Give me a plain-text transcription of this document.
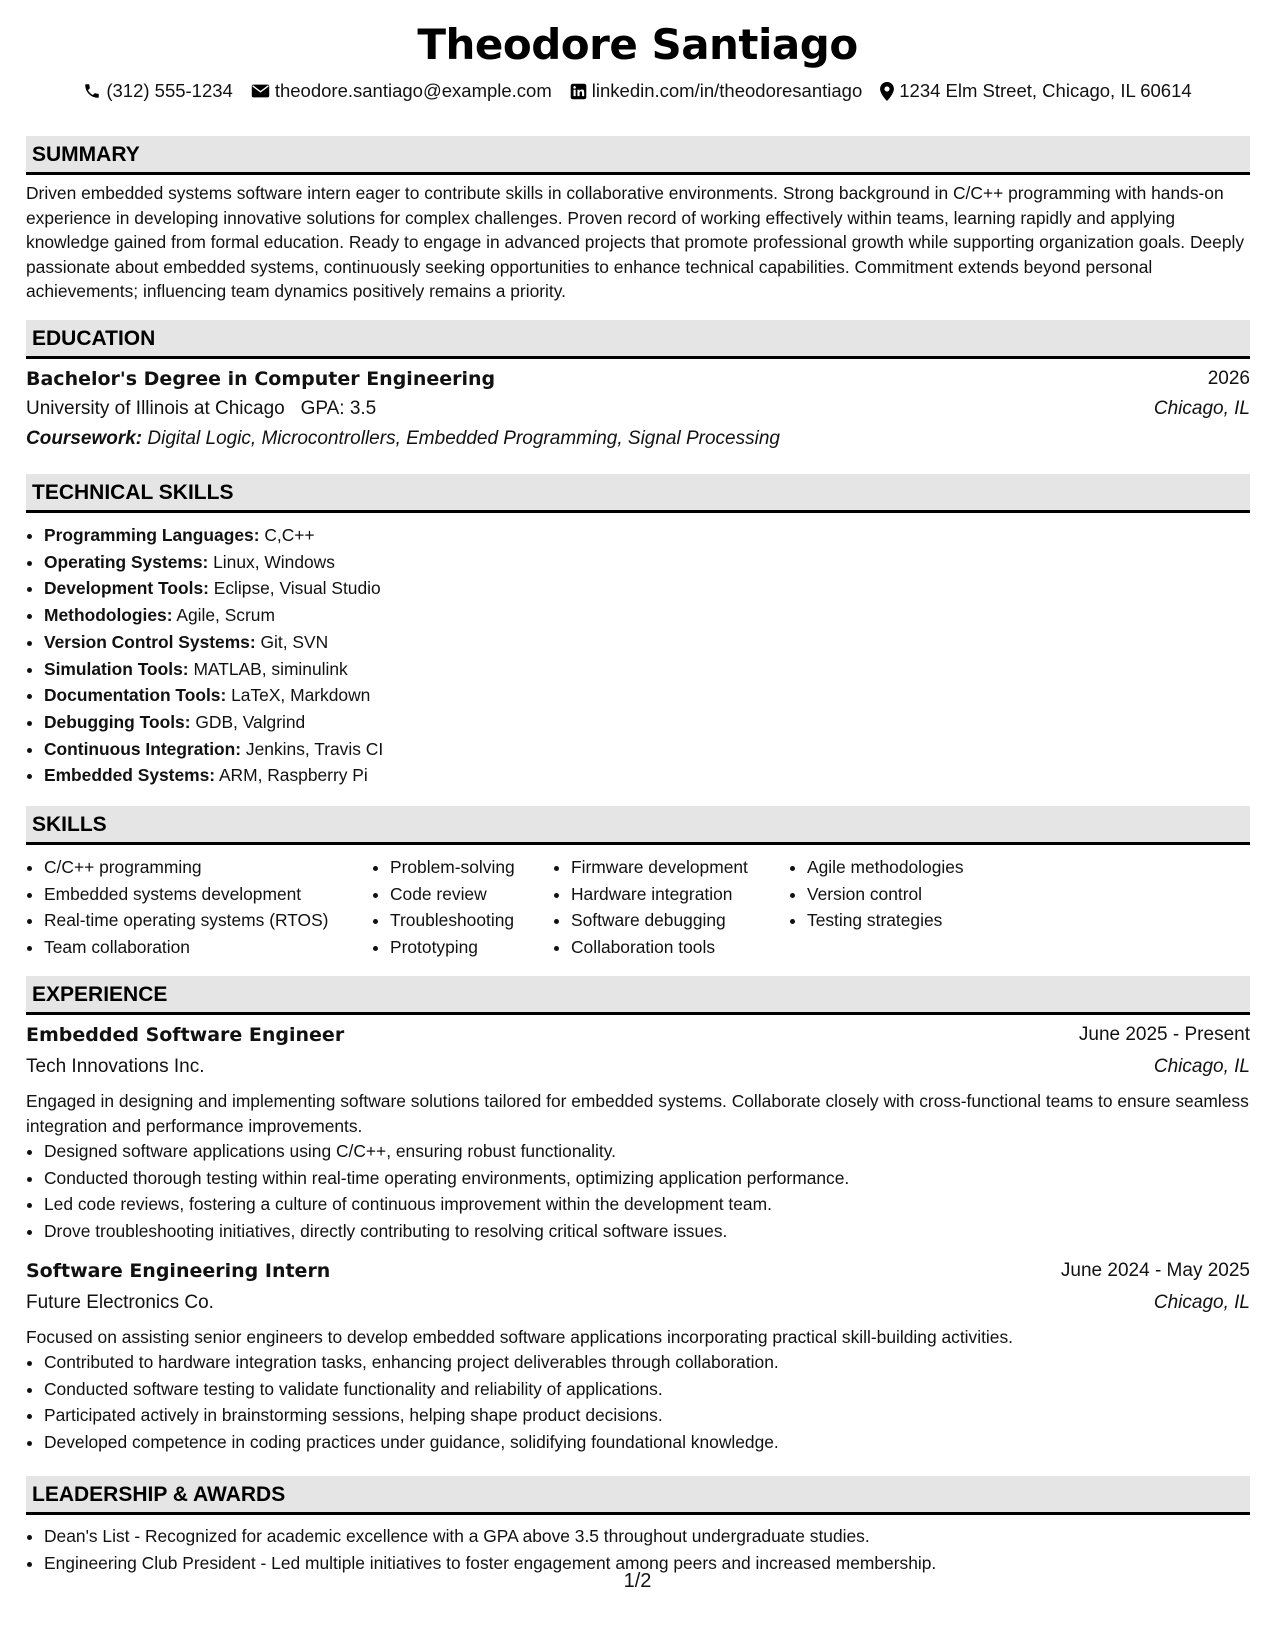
Theodore Santiago
(312) 555-1234 theodore.santiago@example.com linkedin.com/in/theodoresantiago 1234 Elm Street, Chicago, IL 60614
SUMMARY
Driven embedded systems software intern eager to contribute skills in collaborative environments. Strong background in C/C++ programming with hands-on experience in developing innovative solutions for complex challenges. Proven record of working effectively within teams, learning rapidly and applying knowledge gained from formal education. Ready to engage in advanced projects that promote professional growth while supporting organization goals. Deeply passionate about embedded systems, continuously seeking opportunities to enhance technical capabilities. Commitment extends beyond personal achievements; influencing team dynamics positively remains a priority.
EDUCATION
Bachelor's Degree in Computer Engineering	2026
University of Illinois at Chicago GPA: 3.5	Chicago, IL
Coursework: Digital Logic, Microcontrollers, Embedded Programming, Signal Processing
TECHNICAL SKILLS
• Programming Languages: C,C++
• Operating Systems: Linux, Windows
• Development Tools: Eclipse, Visual Studio
• Methodologies: Agile, Scrum
• Version Control Systems: Git, SVN
• Simulation Tools: MATLAB, siminulink
• Documentation Tools: LaTeX, Markdown
• Debugging Tools: GDB, Valgrind
• Continuous Integration: Jenkins, Travis CI
• Embedded Systems: ARM, Raspberry Pi
SKILLS
• C/C++ programming
• Embedded systems development
• Real-time operating systems (RTOS)
• Team collaboration
• Problem-solving
• Code review
• Troubleshooting
• Prototyping
• Firmware development
• Hardware integration
• Software debugging
• Collaboration tools
• Agile methodologies
• Version control
• Testing strategies
EXPERIENCE
Embedded Software Engineer	June 2025 - Present
Tech Innovations Inc.	Chicago, IL
Engaged in designing and implementing software solutions tailored for embedded systems. Collaborate closely with cross-functional teams to ensure seamless integration and performance improvements.
• Designed software applications using C/C++, ensuring robust functionality.
• Conducted thorough testing within real-time operating environments, optimizing application performance.
• Led code reviews, fostering a culture of continuous improvement within the development team.
• Drove troubleshooting initiatives, directly contributing to resolving critical software issues.
Software Engineering Intern	June 2024 - May 2025
Future Electronics Co.	Chicago, IL
Focused on assisting senior engineers to develop embedded software applications incorporating practical skill-building activities.
• Contributed to hardware integration tasks, enhancing project deliverables through collaboration.
• Conducted software testing to validate functionality and reliability of applications.
• Participated actively in brainstorming sessions, helping shape product decisions.
• Developed competence in coding practices under guidance, solidifying foundational knowledge.
LEADERSHIP & AWARDS
• Dean's List - Recognized for academic excellence with a GPA above 3.5 throughout undergraduate studies.
• Engineering Club President - Led multiple initiatives to foster engagement among peers and increased membership.
1/2
